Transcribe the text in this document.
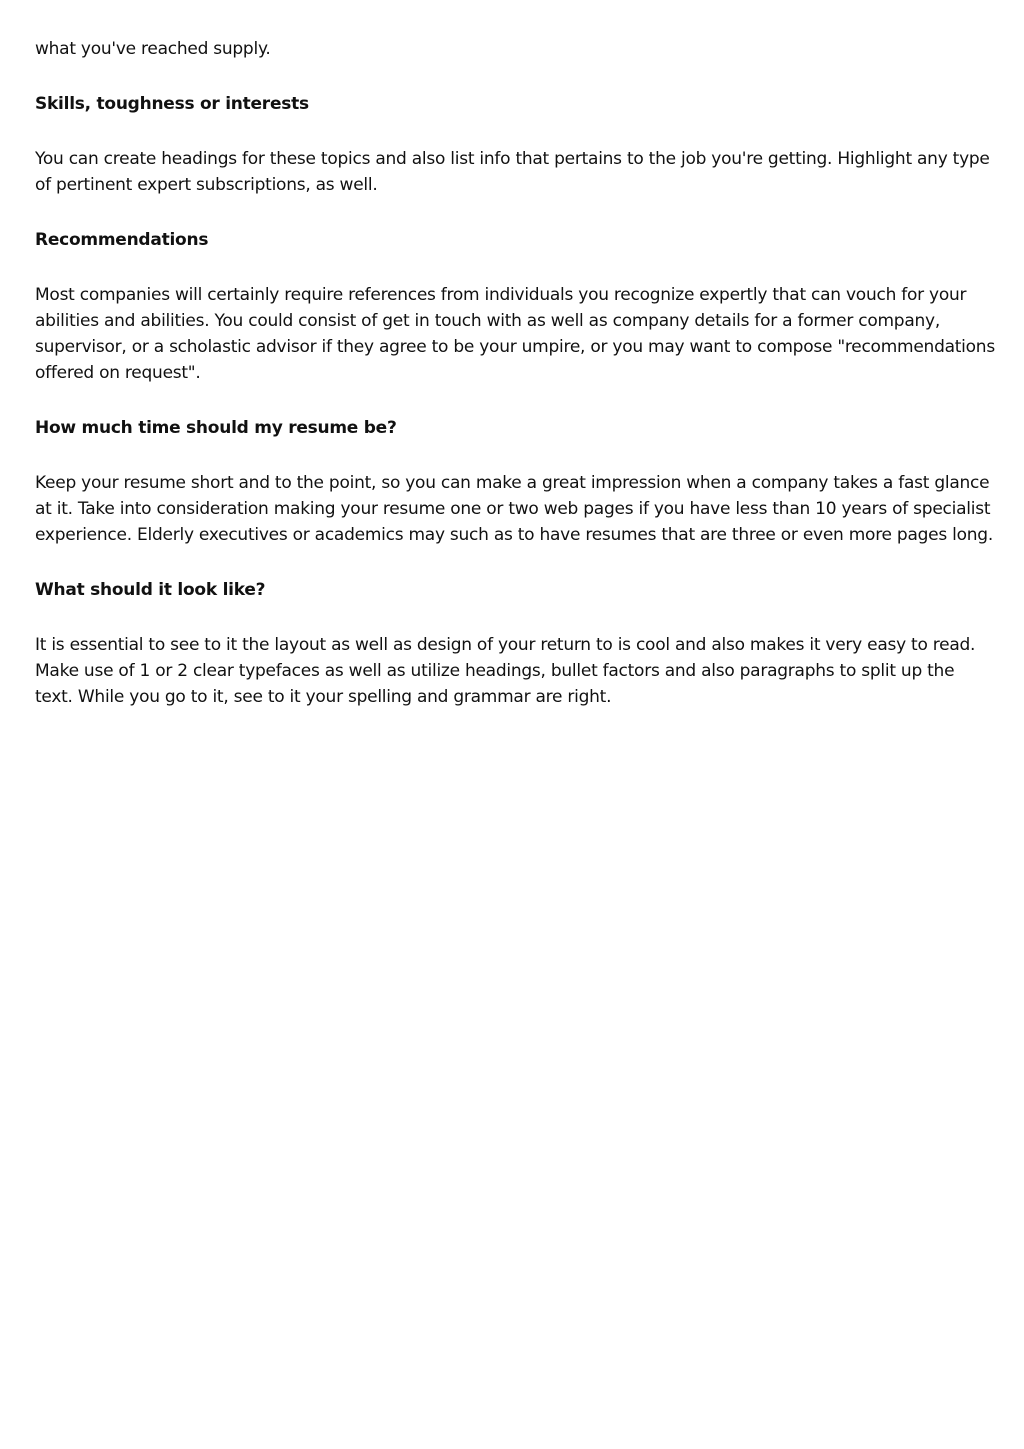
what you've reached supply.

Skills, toughness or interests

You can create headings for these topics and also list info that pertains to the job you're getting. Highlight any type of pertinent expert subscriptions, as well.

Recommendations

Most companies will certainly require references from individuals you recognize expertly that can vouch for your abilities and abilities. You could consist of get in touch with as well as company details for a former company, supervisor, or a scholastic advisor if they agree to be your umpire, or you may want to compose "recommendations offered on request".

How much time should my resume be?

Keep your resume short and to the point, so you can make a great impression when a company takes a fast glance at it. Take into consideration making your resume one or two web pages if you have less than 10 years of specialist experience. Elderly executives or academics may such as to have resumes that are three or even more pages long.

What should it look like?

It is essential to see to it the layout as well as design of your return to is cool and also makes it very easy to read. Make use of 1 or 2 clear typefaces as well as utilize headings, bullet factors and also paragraphs to split up the text. While you go to it, see to it your spelling and grammar are right.
